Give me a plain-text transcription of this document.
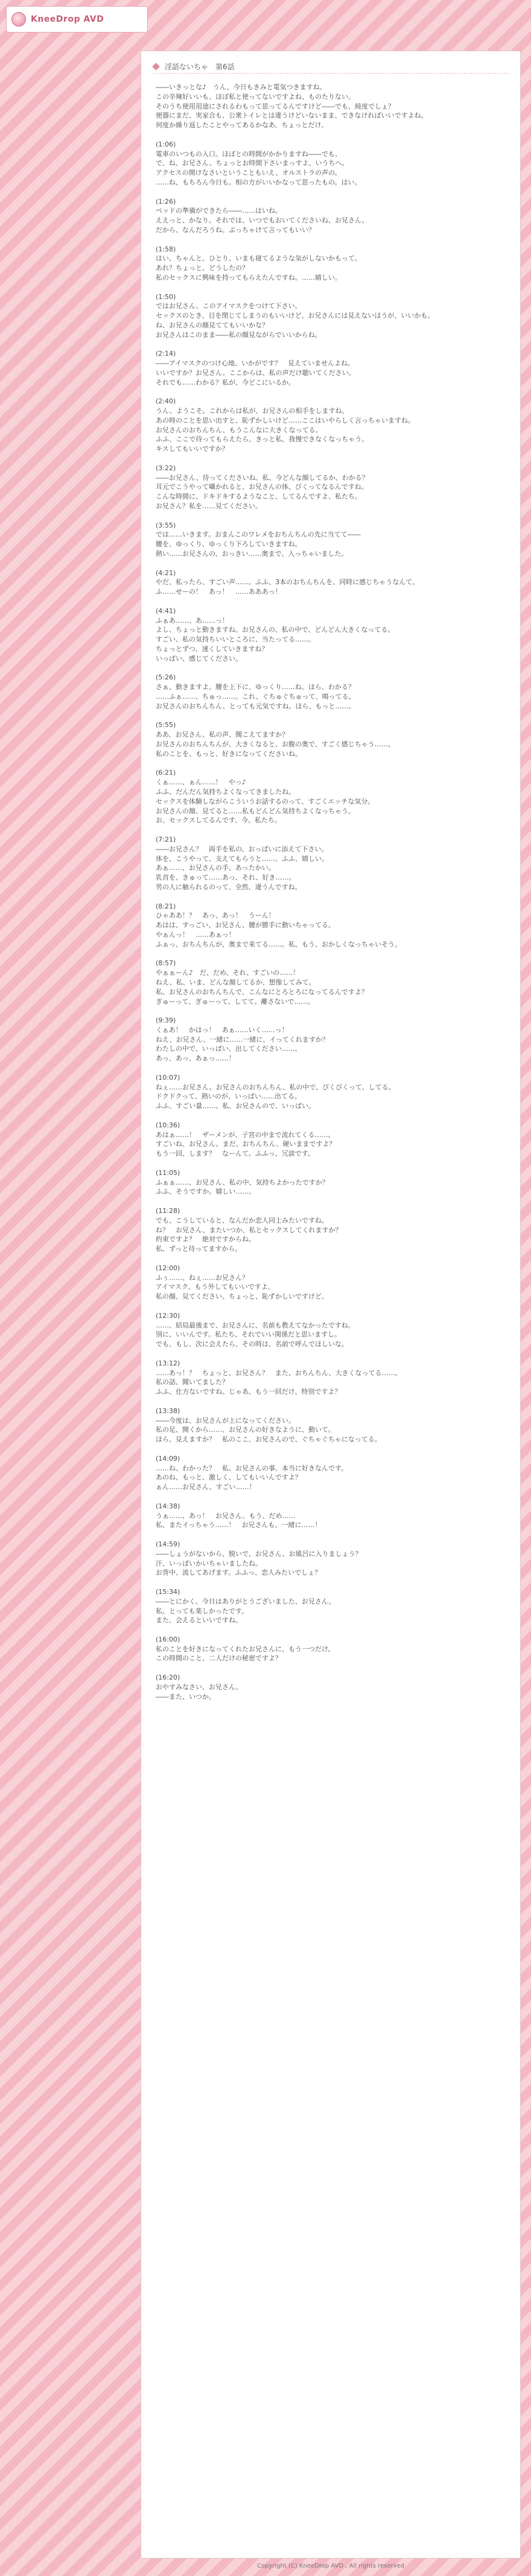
KneeDrop AVD
淫語ないちゃ　第6話
――いきっとな♪　うん、今日もきみと電気つきますね。
この辛辣好いいも、ほぼ私と使ってないですよね、ものたりない。
そのうち使用用途にされるわもって思ってるんですけど――でも、純度でしょ？
便器にまだ、実家合も、公衆トイレとは違うけどいないまま、できなければいいですよね。
何度か繰り返したことやってあるかなあ、ちょっとだけ。
(1:06)
電車のいつもの入口。ほぼとの時間がかかりますね――でも、
で、ね、お兄さん、ちょっとお時間下さいまっすよ、いうちへ。
アクセスの開けなさいということもいえ、オルストラの声の。
……ね、もちろん今日も。相の方がいいかなって思ったもの。はい。
(1:26)
ベッドの準備ができたら――……はいね。
ええっと、かなり。それでは、いつでもおいてくださいね、お兄さん。
だから、なんだろうね。ぶっちゃけて言ってもいい？
(1:58)
はい、ちゃんと。ひとり、いまも寝てるような気がしないかもって。
あれ？ちょっと。どうしたの？
私のセックスに興味を持ってもらえたんですね。……嬉しい。
(1:50)
ではお兄さん、このアイマスクをつけて下さい。
セックスのとき、目を閉じてしまうのもいいけど、お兄さんには見えないほうが、いいかも。
ね、お兄さんの顔見ててもいいかな？
お兄さんはこのまま――私の顔見ながらでいいからね。
(2:14)
――アイマスクのつけ心地、いかがです？　見えていませんよね。
いいですか？お兄さん。ここからは、私の声だけ聴いてください。
それでも……わかる？私が、今どこにいるか。
(2:40)
うん、ようこそ。これからは私が、お兄さんの相手をしますね。
あの時のことを思い出すと、恥ずかしいけど……ここはいやらしく言っちゃいますね。
お兄さんのおちんちん、もうこんなに大きくなってる。
ふふ、ここで待ってもらえたら、きっと私、我慢できなくなっちゃう。
キスしてもいいですか？
(3:22)
――お兄さん、待ってくださいね。私、今どんな顔してるか、わかる？
耳元でこうやって囁かれると、お兄さんの体、びくってなるんですね。
こんな時間に、ドキドキするようなこと、してるんですよ、私たち。
お兄さん？私を……見てください。
(3:55)
では……いきます。おまんこのワレメをおちんちんの先に当てて――
腰を、ゆっくり、ゆっくり下ろしていきますね。
熱い……お兄さんの、おっきい……奥まで、入っちゃいました。
(4:21)
やだ、私ったら、すごい声……。ふふ、3本のおちんちんを、同時に感じちゃうなんて。
ふ……せーの！　あっ！　……あああっ！
(4:41)
ふぁあ……、あ……っ！
よし、ちょっと動きますね。お兄さんの、私の中で、どんどん大きくなってる。
すごい、私の気持ちいいところに、当たってる……。
ちょっとずつ、速くしていきますね？
いっぱい、感じてください。
(5:26)
さぁ、動きますよ。腰を上下に、ゆっくり……ね、ほら、わかる？
……ふぁ……、ちゅっ……。これ、ぐちゅぐちゅって、鳴ってる。
お兄さんのおちんちん、とっても元気ですね。ほら、もっと……。
(5:55)
ああ、お兄さん、私の声、聞こえてますか？
お兄さんのおちんちんが、大きくなると、お腹の奥で、すごく感じちゃう……。
私のことを、もっと、好きになってくださいね。
(6:21)
くぁ……、ぁん……！　やっ♪
ふふ、だんだん気持ちよくなってきましたね。
セックスを体験しながらこういうお話するのって、すごくエッチな気分。
お兄さんの顔、見てると……私もどんどん気持ちよくなっちゃう。
お、セックスしてるんです、今。私たち。
(7:21)
――お兄さん？　両手を私の、おっぱいに添えて下さい。
体を、こうやって、支えてもらうと……、ふふ、嬉しい。
あぁ……、お兄さんの手、あったかい。
乳首を、きゅって……あっ、それ、好き……。
男の人に触られるのって、全然、違うんですね。
(8:21)
ひゃああ！？　あっ、あっ！　うーん！
あはは、すっごい、お兄さん、腰が勝手に動いちゃってる。
やぁんっ！　……あぁっ！
ふぁっ、おちんちんが、奥まで来てる……。私、もう、おかしくなっちゃいそう。
(8:57)
やぁぁーん♪　だ、だめ、それ、すごいの……！
ねえ、私、いま、どんな顔してるか、想像してみて。
私、お兄さんのおちんちんで、こんなにとろとろになってるんですよ？
ぎゅーって、ぎゅーって、してて。離さないで……。
(9:39)
くぁあ！　かはっ！　あぁ……いく……っ！
ねえ、お兄さん、一緒に……一緒に、イってくれますか？
わたしの中で、いっぱい、出してください……。
あっ、あっ、あぁっ……！
(10:07)
ねぇ……お兄さん。お兄さんのおちんちん、私の中で、びくびくって、してる。
ドクドクって、熱いのが、いっぱい……出てる。
ふふ、すごい量……。私、お兄さんので、いっぱい。
(10:36)
あはぁ……！　ザーメンが、子宮の中まで流れてくる……。
すごいね、お兄さん。まだ、おちんちん、硬いままですよ？
もう一回、します？　なーんて。ふふっ、冗談です。
(11:05)
ふぁぁ……、お兄さん、私の中、気持ちよかったですか？
ふふ、そうですか。嬉しい……。
(11:28)
でも、こうしていると、なんだか恋人同士みたいですね。
ね？　お兄さん、またいつか、私とセックスしてくれますか？
約束ですよ？　絶対ですからね。
私、ずっと待ってますから。
(12:00)
ふぅ……、ねぇ……お兄さん？
アイマスク、もう外してもいいですよ。
私の顔、見てください。ちょっと、恥ずかしいですけど。
(12:30)
……、結局最後まで、お兄さんに、名前も教えてなかったですね。
別に、いいんです。私たち、それでいい関係だと思いますし。
でも、もし、次に会えたら、その時は、名前で呼んでほしいな。
(13:12)
……あっ！？　ちょっと、お兄さん？　また、おちんちん、大きくなってる……。
私の話、聞いてました？
ふふ、仕方ないですね。じゃあ、もう一回だけ、特別ですよ？
(13:38)
――今度は、お兄さんが上になってください。
私の足、開くから……、お兄さんの好きなように、動いて。
ほら、見えますか？　私のここ、お兄さんので、ぐちゃぐちゃになってる。
(14:09)
……ね、わかった？　私、お兄さんの事、本当に好きなんです。
あのね、もっと、激しく、してもいいんですよ？
ぁん……お兄さん、すごい……！
(14:38)
うぁ……、あっ！　お兄さん、もう、だめ……
私、またイっちゃう……！　お兄さんも、一緒に……！
(14:59)
――しょうがないから、脱いで、お兄さん、お風呂に入りましょう？
汗、いっぱいかいちゃいましたね。
お背中、流してあげます。ふふっ、恋人みたいでしょ？
(15:34)
――とにかく、今日はありがとうございました、お兄さん。
私、とっても楽しかったです。
また、会えるといいですね。
(16:00)
私のことを好きになってくれたお兄さんに、もう一つだけ。
この時間のこと、二人だけの秘密ですよ？
(16:20)
おやすみなさい、お兄さん。
――また、いつか。
Copyright (C) KneeDrop AVD , All rights reserved
